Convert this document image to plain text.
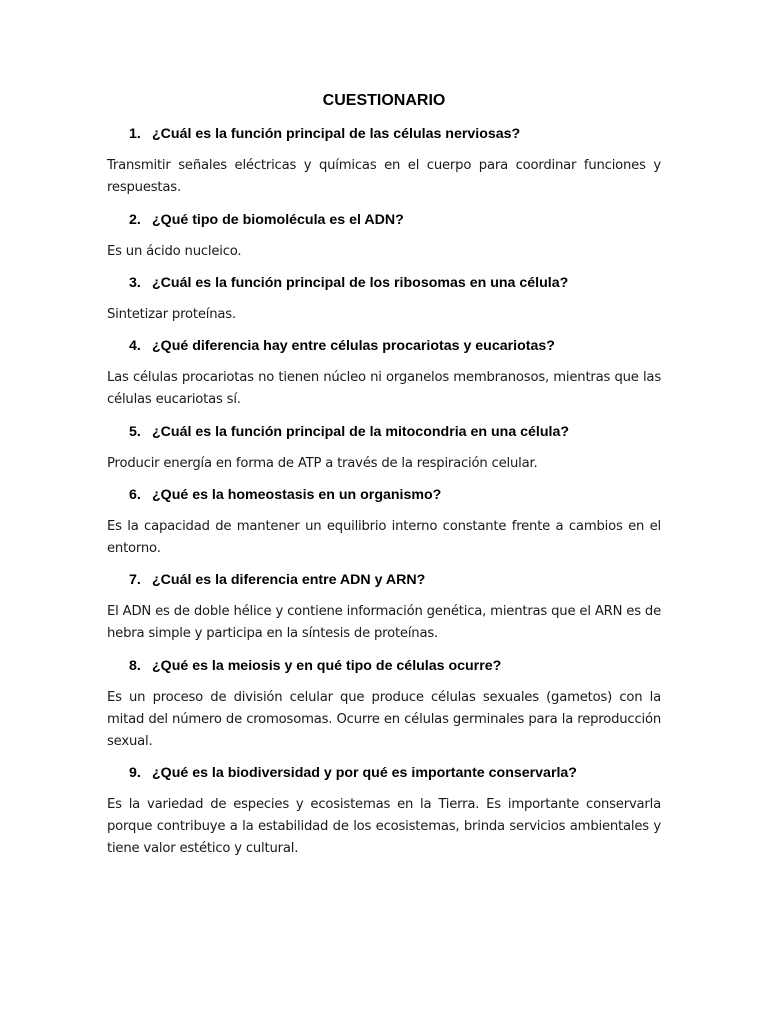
CUESTIONARIO

1. ¿Cuál es la función principal de las células nerviosas?

Transmitir señales eléctricas y químicas en el cuerpo para coordinar funciones y respuestas.

2. ¿Qué tipo de biomolécula es el ADN?

Es un ácido nucleico.

3. ¿Cuál es la función principal de los ribosomas en una célula?

Sintetizar proteínas.

4. ¿Qué diferencia hay entre células procariotas y eucariotas?

Las células procariotas no tienen núcleo ni organelos membranosos, mientras que las células eucariotas sí.

5. ¿Cuál es la función principal de la mitocondria en una célula?

Producir energía en forma de ATP a través de la respiración celular.

6. ¿Qué es la homeostasis en un organismo?

Es la capacidad de mantener un equilibrio interno constante frente a cambios en el entorno.

7. ¿Cuál es la diferencia entre ADN y ARN?

El ADN es de doble hélice y contiene información genética, mientras que el ARN es de hebra simple y participa en la síntesis de proteínas.

8. ¿Qué es la meiosis y en qué tipo de células ocurre?

Es un proceso de división celular que produce células sexuales (gametos) con la mitad del número de cromosomas. Ocurre en células germinales para la reproducción sexual.

9. ¿Qué es la biodiversidad y por qué es importante conservarla?

Es la variedad de especies y ecosistemas en la Tierra. Es importante conservarla porque contribuye a la estabilidad de los ecosistemas, brinda servicios ambientales y tiene valor estético y cultural.
